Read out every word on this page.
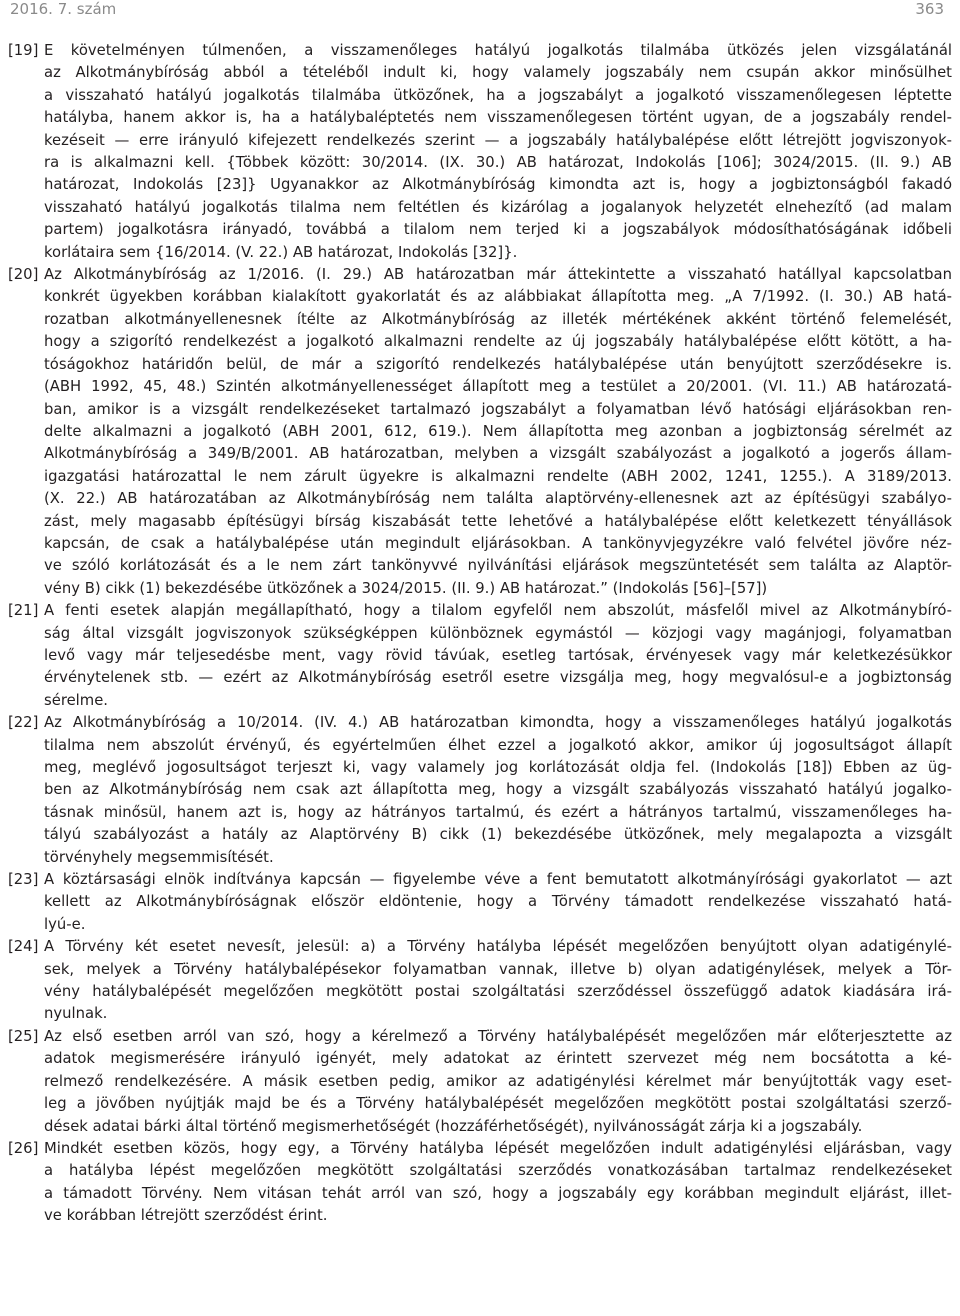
2016. 7. szám	363
[19] E követelményen túlmenően, a visszamenőleges hatályú jogalkotás tilalmába ütközés jelen vizsgálatánál
az Alkotmánybíróság abból a tételéből indult ki, hogy valamely jogszabály nem csupán akkor minősülhet
a visszaható hatályú jogalkotás tilalmába ütközőnek, ha a jogszabályt a jogalkotó visszamenőlegesen léptette
hatályba, hanem akkor is, ha a hatálybaléptetés nem visszamenőlegesen történt ugyan, de a jogszabály rendel-
kezéseit — erre irányuló kifejezett rendelkezés szerint — a jogszabály hatálybalépése előtt létrejött jogviszonyok-
ra is alkalmazni kell. {Többek között: 30/2014. (IX. 30.) AB határozat, Indokolás [106]; 3024/2015. (II. 9.) AB
határozat, Indokolás [23]} Ugyanakkor az Alkotmánybíróság kimondta azt is, hogy a jogbiztonságból fakadó
visszaható hatályú jogalkotás tilalma nem feltétlen és kizárólag a jogalanyok helyzetét elnehezítő (ad malam
partem) jogalkotásra irányadó, továbbá a tilalom nem terjed ki a jogszabályok módosíthatóságának időbeli
korlátaira sem {16/2014. (V. 22.) AB határozat, Indokolás [32]}.
[20] Az Alkotmánybíróság az 1/2016. (I. 29.) AB határozatban már áttekintette a visszaható hatállyal kapcsolatban
konkrét ügyekben korábban kialakított gyakorlatát és az alábbiakat állapította meg. „A 7/1992. (I. 30.) AB hatá-
rozatban alkotmányellenesnek ítélte az Alkotmánybíróság az illeték mértékének akként történő felemelését,
hogy a szigorító rendelkezést a jogalkotó alkalmazni rendelte az új jogszabály hatálybalépése előtt kötött, a ha-
tóságokhoz határidőn belül, de már a szigorító rendelkezés hatálybalépése után benyújtott szerződésekre is.
(ABH 1992, 45, 48.) Szintén alkotmányellenességet állapított meg a testület a 20/2001. (VI. 11.) AB határozatá-
ban, amikor is a vizsgált rendelkezéseket tartalmazó jogszabályt a folyamatban lévő hatósági eljárásokban ren-
delte alkalmazni a jogalkotó (ABH 2001, 612, 619.). Nem állapította meg azonban a jogbiztonság sérelmét az
Alkotmánybíróság a 349/B/2001. AB határozatban, melyben a vizsgált szabályozást a jogalkotó a jogerős állam-
igazgatási határozattal le nem zárult ügyekre is alkalmazni rendelte (ABH 2002, 1241, 1255.). A 3189/2013.
(X. 22.) AB határozatában az Alkotmánybíróság nem találta alaptörvény-ellenesnek azt az építésügyi szabályo-
zást, mely magasabb építésügyi bírság kiszabását tette lehetővé a hatálybalépése előtt keletkezett tényállások
kapcsán, de csak a hatálybalépése után megindult eljárásokban. A tankönyvjegyzékre való felvétel jövőre néz-
ve szóló korlátozását és a le nem zárt tankönyvvé nyilvánítási eljárások megszüntetését sem találta az Alaptör-
vény B) cikk (1) bekezdésébe ütközőnek a 3024/2015. (II. 9.) AB határozat.” (Indokolás [56]–[57])
[21] A fenti esetek alapján megállapítható, hogy a tilalom egyfelől nem abszolút, másfelől mivel az Alkotmánybíró-
ság által vizsgált jogviszonyok szükségképpen különböznek egymástól — közjogi vagy magánjogi, folyamatban
levő vagy már teljesedésbe ment, vagy rövid távúak, esetleg tartósak, érvényesek vagy már keletkezésükkor
érvénytelenek stb. — ezért az Alkotmánybíróság esetről esetre vizsgálja meg, hogy megvalósul-e a jogbiztonság
sérelme.
[22] Az Alkotmánybíróság a 10/2014. (IV. 4.) AB határozatban kimondta, hogy a visszamenőleges hatályú jogalkotás
tilalma nem abszolút érvényű, és egyértelműen élhet ezzel a jogalkotó akkor, amikor új jogosultságot állapít
meg, meglévő jogosultságot terjeszt ki, vagy valamely jog korlátozását oldja fel. (Indokolás [18]) Ebben az üg-
ben az Alkotmánybíróság nem csak azt állapította meg, hogy a vizsgált szabályozás visszaható hatályú jogalko-
tásnak minősül, hanem azt is, hogy az hátrányos tartalmú, és ezért a hátrányos tartalmú, visszamenőleges ha-
tályú szabályozást a hatály az Alaptörvény B) cikk (1) bekezdésébe ütközőnek, mely megalapozta a vizsgált
törvényhely megsemmisítését.
[23] A köztársasági elnök indítványa kapcsán — figyelembe véve a fent bemutatott alkotmányírósági gyakorlatot — azt
kellett az Alkotmánybíróságnak először eldöntenie, hogy a Törvény támadott rendelkezése visszaható hatá-
lyú-e.
[24] A Törvény két esetet nevesít, jelesül: a) a Törvény hatályba lépését megelőzően benyújtott olyan adatigénylé-
sek, melyek a Törvény hatálybalépésekor folyamatban vannak, illetve b) olyan adatigénylések, melyek a Tör-
vény hatálybalépését megelőzően megkötött postai szolgáltatási szerződéssel összefüggő adatok kiadására irá-
nyulnak.
[25] Az első esetben arról van szó, hogy a kérelmező a Törvény hatálybalépését megelőzően már előterjesztette az
adatok megismerésére irányuló igényét, mely adatokat az érintett szervezet még nem bocsátotta a ké-
relmező rendelkezésére. A másik esetben pedig, amikor az adatigénylési kérelmet már benyújtották vagy eset-
leg a jövőben nyújtják majd be és a Törvény hatálybalépését megelőzően megkötött postai szolgáltatási szerző-
dések adatai bárki által történő megismerhetőségét (hozzáférhetőségét), nyilvánosságát zárja ki a jogszabály.
[26] Mindkét esetben közös, hogy egy, a Törvény hatályba lépését megelőzően indult adatigénylési eljárásban, vagy
a hatályba lépést megelőzően megkötött szolgáltatási szerződés vonatkozásában tartalmaz rendelkezéseket
a támadott Törvény. Nem vitásan tehát arról van szó, hogy a jogszabály egy korábban megindult eljárást, illet-
ve korábban létrejött szerződést érint.
